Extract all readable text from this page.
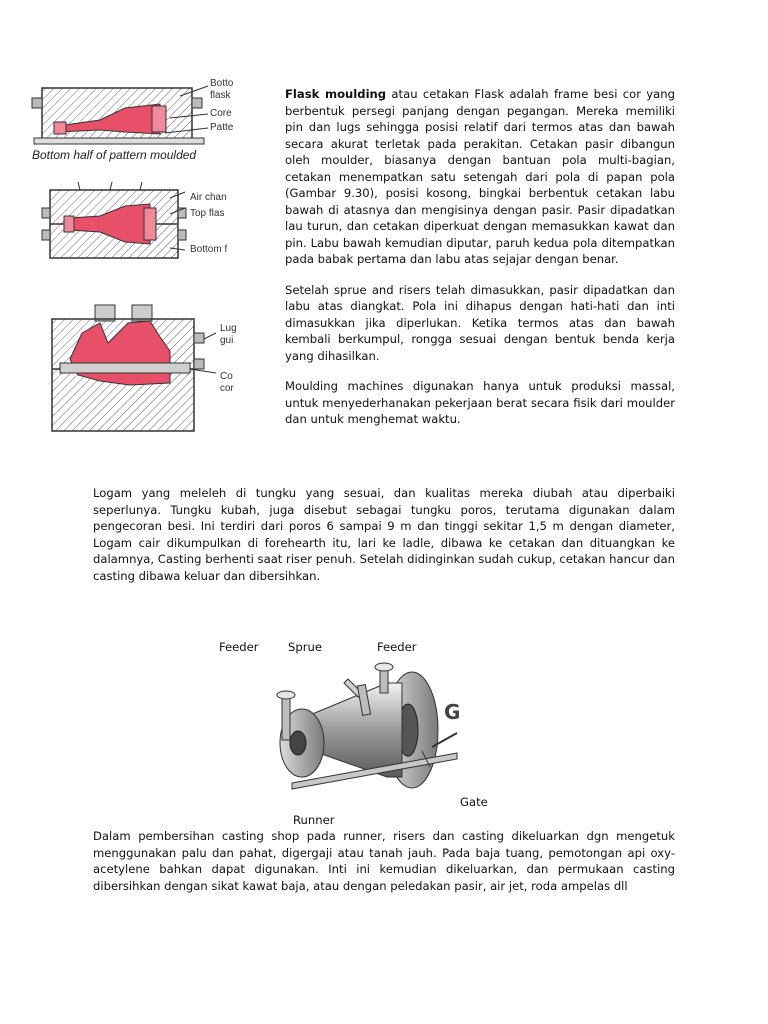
Botto
flask
Core
Patte
Bottom half of pattern moulded
Air chan
Top flas
Bottom f
Lug
gui
Co
cor

Flask moulding atau cetakan Flask adalah frame besi cor yang berbentuk persegi panjang dengan pegangan. Mereka memiliki pin dan lugs sehingga posisi relatif dari termos atas dan bawah secara akurat terletak pada perakitan. Cetakan pasir dibangun oleh moulder, biasanya dengan bantuan pola multi-bagian, cetakan menempatkan satu setengah dari pola di papan pola (Gambar 9.30), posisi kosong, bingkai berbentuk cetakan labu bawah di atasnya dan mengisinya dengan pasir. Pasir dipadatkan lau turun, dan cetakan diperkuat dengan memasukkan kawat dan pin. Labu bawah kemudian diputar, paruh kedua pola ditempatkan pada babak pertama dan labu atas sejajar dengan benar.

Setelah sprue and risers telah dimasukkan, pasir dipadatkan dan labu atas diangkat. Pola ini dihapus dengan hati-hati dan inti dimasukkan jika diperlukan. Ketika termos atas dan bawah kembali berkumpul, rongga sesuai dengan bentuk benda kerja yang dihasilkan.

Moulding machines digunakan hanya untuk produksi massal, untuk menyederhanakan pekerjaan berat secara fisik dari moulder dan untuk menghemat waktu.

Logam yang meleleh di tungku yang sesuai, dan kualitas mereka diubah atau diperbaiki seperlunya. Tungku kubah, juga disebut sebagai tungku poros, terutama digunakan dalam pengecoran besi. Ini terdiri dari poros 6 sampai 9 m dan tinggi sekitar 1,5 m dengan diameter, Logam cair dikumpulkan di forehearth itu, lari ke ladle, dibawa ke cetakan dan dituangkan ke dalamnya, Casting berhenti saat riser penuh. Setelah didinginkan sudah cukup, cetakan hancur dan casting dibawa keluar dan dibersihkan.
Feeder	Sprue	Feeder
G
Gate
Runner
Dalam pembersihan casting shop pada runner, risers dan casting dikeluarkan dgn mengetuk menggunakan palu dan pahat, digergaji atau tanah jauh. Pada baja tuang, pemotongan api oxy-acetylene bahkan dapat digunakan. Inti ini kemudian dikeluarkan, dan permukaan casting dibersihkan dengan sikat kawat baja, atau dengan peledakan pasir, air jet, roda ampelas dll
